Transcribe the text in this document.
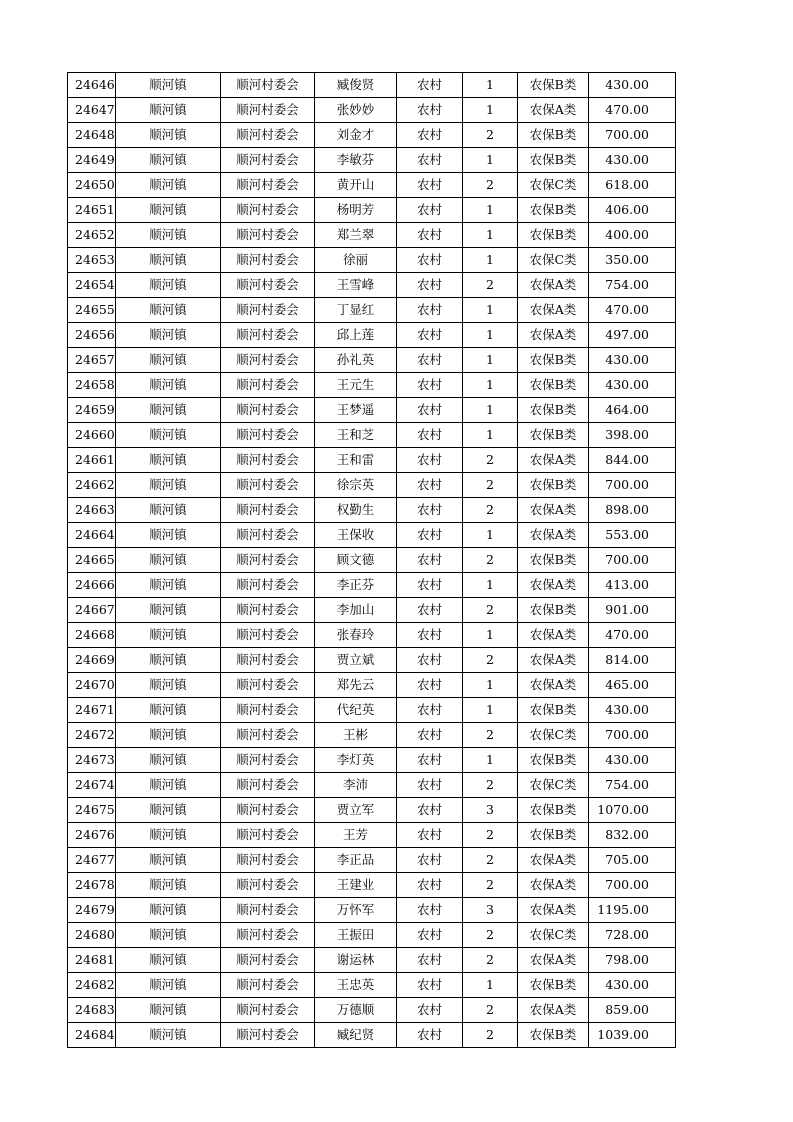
24646	顺河镇	顺河村委会	臧俊贤	农村	1	农保B类	430.00
24647	顺河镇	顺河村委会	张妙妙	农村	1	农保A类	470.00
24648	顺河镇	顺河村委会	刘金才	农村	2	农保B类	700.00
24649	顺河镇	顺河村委会	李敏芬	农村	1	农保B类	430.00
24650	顺河镇	顺河村委会	黄开山	农村	2	农保C类	618.00
24651	顺河镇	顺河村委会	杨明芳	农村	1	农保B类	406.00
24652	顺河镇	顺河村委会	郑兰翠	农村	1	农保B类	400.00
24653	顺河镇	顺河村委会	徐丽	农村	1	农保C类	350.00
24654	顺河镇	顺河村委会	王雪峰	农村	2	农保A类	754.00
24655	顺河镇	顺河村委会	丁显红	农村	1	农保A类	470.00
24656	顺河镇	顺河村委会	邱上莲	农村	1	农保A类	497.00
24657	顺河镇	顺河村委会	孙礼英	农村	1	农保B类	430.00
24658	顺河镇	顺河村委会	王元生	农村	1	农保B类	430.00
24659	顺河镇	顺河村委会	王梦遥	农村	1	农保B类	464.00
24660	顺河镇	顺河村委会	王和芝	农村	1	农保B类	398.00
24661	顺河镇	顺河村委会	王和雷	农村	2	农保A类	844.00
24662	顺河镇	顺河村委会	徐宗英	农村	2	农保B类	700.00
24663	顺河镇	顺河村委会	权勤生	农村	2	农保A类	898.00
24664	顺河镇	顺河村委会	王保收	农村	1	农保A类	553.00
24665	顺河镇	顺河村委会	顾文德	农村	2	农保B类	700.00
24666	顺河镇	顺河村委会	李正芬	农村	1	农保A类	413.00
24667	顺河镇	顺河村委会	李加山	农村	2	农保B类	901.00
24668	顺河镇	顺河村委会	张春玲	农村	1	农保A类	470.00
24669	顺河镇	顺河村委会	贾立斌	农村	2	农保A类	814.00
24670	顺河镇	顺河村委会	郑先云	农村	1	农保A类	465.00
24671	顺河镇	顺河村委会	代纪英	农村	1	农保B类	430.00
24672	顺河镇	顺河村委会	王彬	农村	2	农保C类	700.00
24673	顺河镇	顺河村委会	李灯英	农村	1	农保B类	430.00
24674	顺河镇	顺河村委会	李沛	农村	2	农保C类	754.00
24675	顺河镇	顺河村委会	贾立军	农村	3	农保B类	1070.00
24676	顺河镇	顺河村委会	王芳	农村	2	农保B类	832.00
24677	顺河镇	顺河村委会	李正品	农村	2	农保A类	705.00
24678	顺河镇	顺河村委会	王建业	农村	2	农保A类	700.00
24679	顺河镇	顺河村委会	万怀军	农村	3	农保A类	1195.00
24680	顺河镇	顺河村委会	王振田	农村	2	农保C类	728.00
24681	顺河镇	顺河村委会	谢运林	农村	2	农保A类	798.00
24682	顺河镇	顺河村委会	王忠英	农村	1	农保B类	430.00
24683	顺河镇	顺河村委会	万德顺	农村	2	农保A类	859.00
24684	顺河镇	顺河村委会	臧纪贤	农村	2	农保B类	1039.00
